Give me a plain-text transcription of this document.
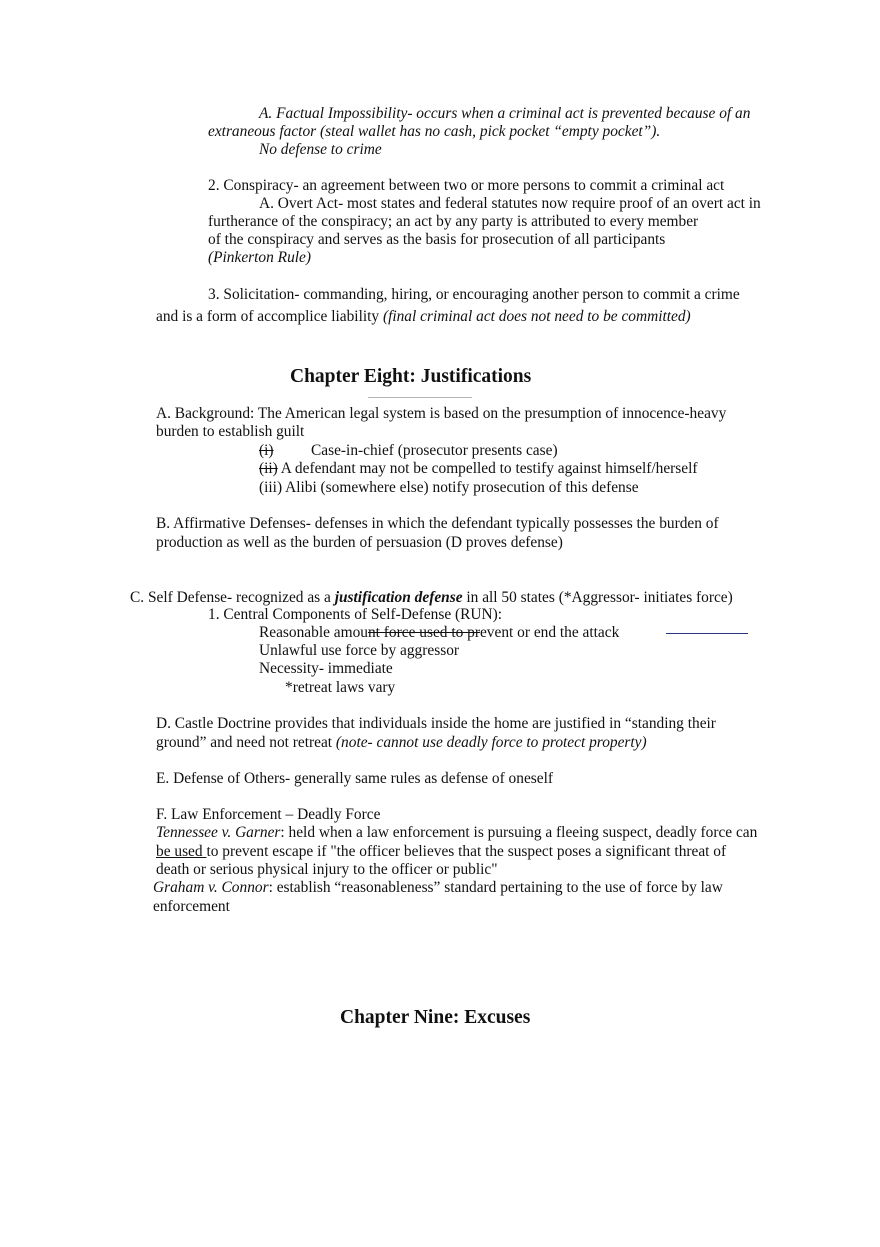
A. Factual Impossibility- occurs when a criminal act is prevented because of an
extraneous factor (steal wallet has no cash, pick pocket “empty pocket”).
No defense to crime
2. Conspiracy- an agreement between two or more persons to commit a criminal act
A. Overt Act- most states and federal statutes now require proof of an overt act in
furtherance of the conspiracy; an act by any party is attributed to every member
of the conspiracy and serves as the basis for prosecution of all participants
(Pinkerton Rule)
3. Solicitation- commanding, hiring, or encouraging another person to commit a crime
and is a form of accomplice liability (final criminal act does not need to be committed)
Chapter Eight: Justifications
A. Background: The American legal system is based on the presumption of innocence-heavy
burden to establish guilt
(i) Case-in-chief (prosecutor presents case)
(ii) A defendant may not be compelled to testify against himself/herself
(iii) Alibi (somewhere else) notify prosecution of this defense
B. Affirmative Defenses- defenses in which the defendant typically possesses the burden of
production as well as the burden of persuasion (D proves defense)
C. Self Defense- recognized as a justification defense in all 50 states (*Aggressor- initiates force)
1. Central Components of Self-Defense (RUN):
Reasonable amount force used to prevent or end the attack
Unlawful use force by aggressor
Necessity- immediate
*retreat laws vary
D. Castle Doctrine provides that individuals inside the home are justified in “standing their
ground” and need not retreat (note- cannot use deadly force to protect property)
E. Defense of Others- generally same rules as defense of oneself
F. Law Enforcement – Deadly Force
Tennessee v. Garner: held when a law enforcement is pursuing a fleeing suspect, deadly force can
be used to prevent escape if "the officer believes that the suspect poses a significant threat of
death or serious physical injury to the officer or public"
Graham v. Connor: establish “reasonableness” standard pertaining to the use of force by law
enforcement
Chapter Nine: Excuses
